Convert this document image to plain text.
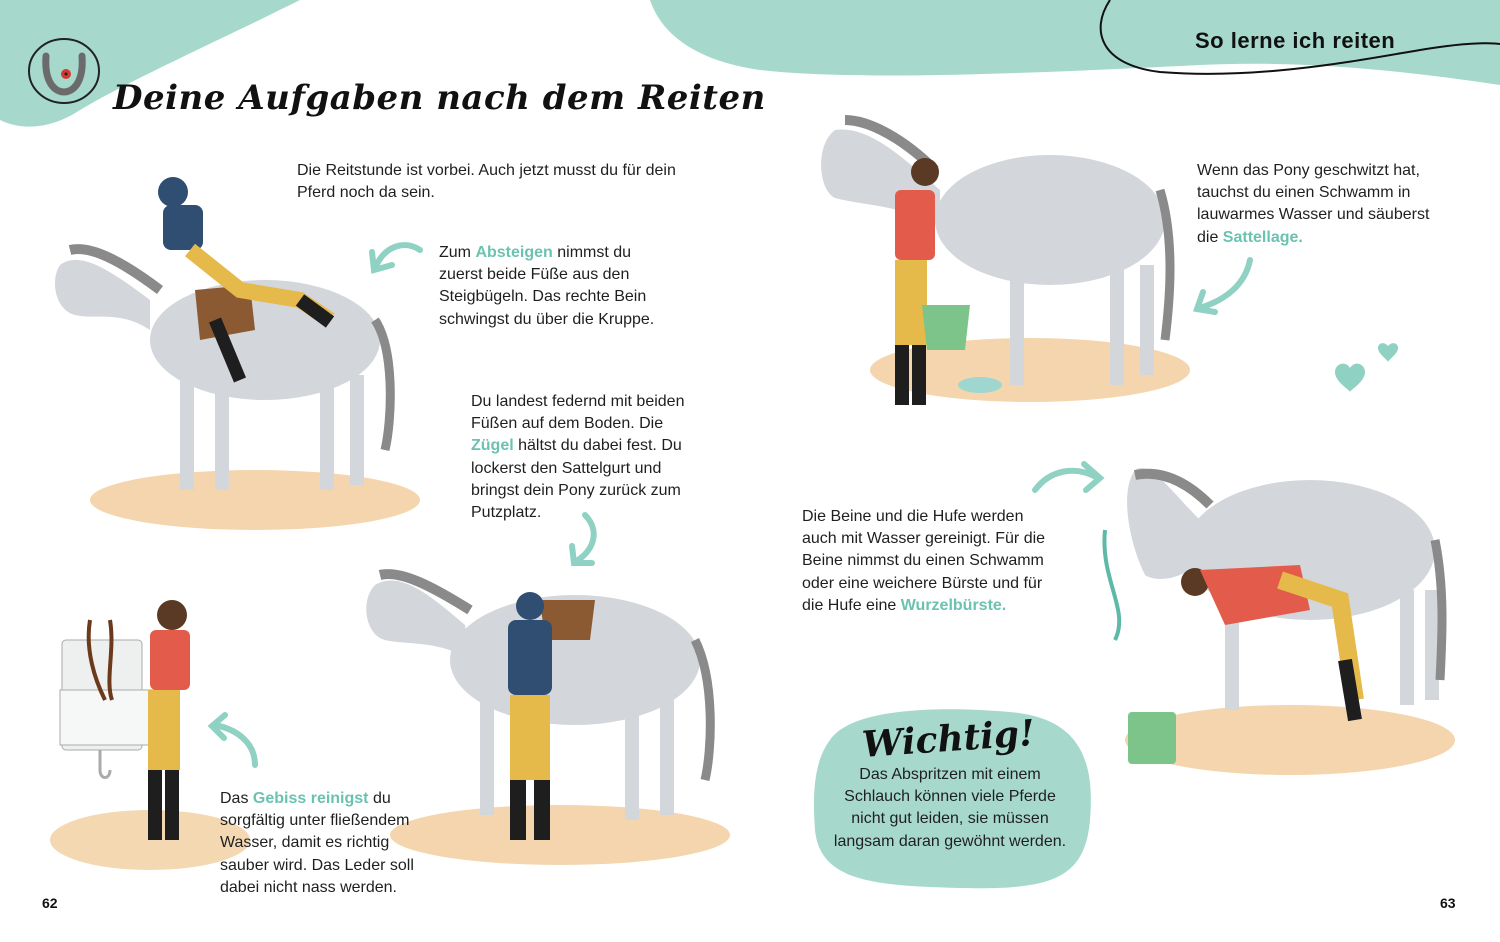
So lerne ich reiten
Deine Aufgaben nach dem Reiten
Die Reitstunde ist vorbei. Auch jetzt musst du für dein Pferd noch da sein.
Zum Absteigen nimmst du zuerst beide Füße aus den Steigbügeln. Das rechte Bein schwingst du über die Kruppe.
Du landest federnd mit beiden Füßen auf dem Boden. Die Zügel hältst du dabei fest. Du lockerst den Sattelgurt und bringst dein Pony zurück zum Putzplatz.
Das Gebiss reinigst du sorgfältig unter fließendem Wasser, damit es richtig sauber wird. Das Leder soll dabei nicht nass werden.
Wenn das Pony geschwitzt hat, tauchst du einen Schwamm in lauwarmes Wasser und säuberst die Sattellage.
Die Beine und die Hufe werden auch mit Wasser gereinigt. Für die Beine nimmst du einen Schwamm oder eine weichere Bürste und für die Hufe eine Wurzelbürste.
Wichtig!
Das Abspritzen mit einem Schlauch können viele Pferde nicht gut leiden, sie müssen langsam daran gewöhnt werden.
62	63
